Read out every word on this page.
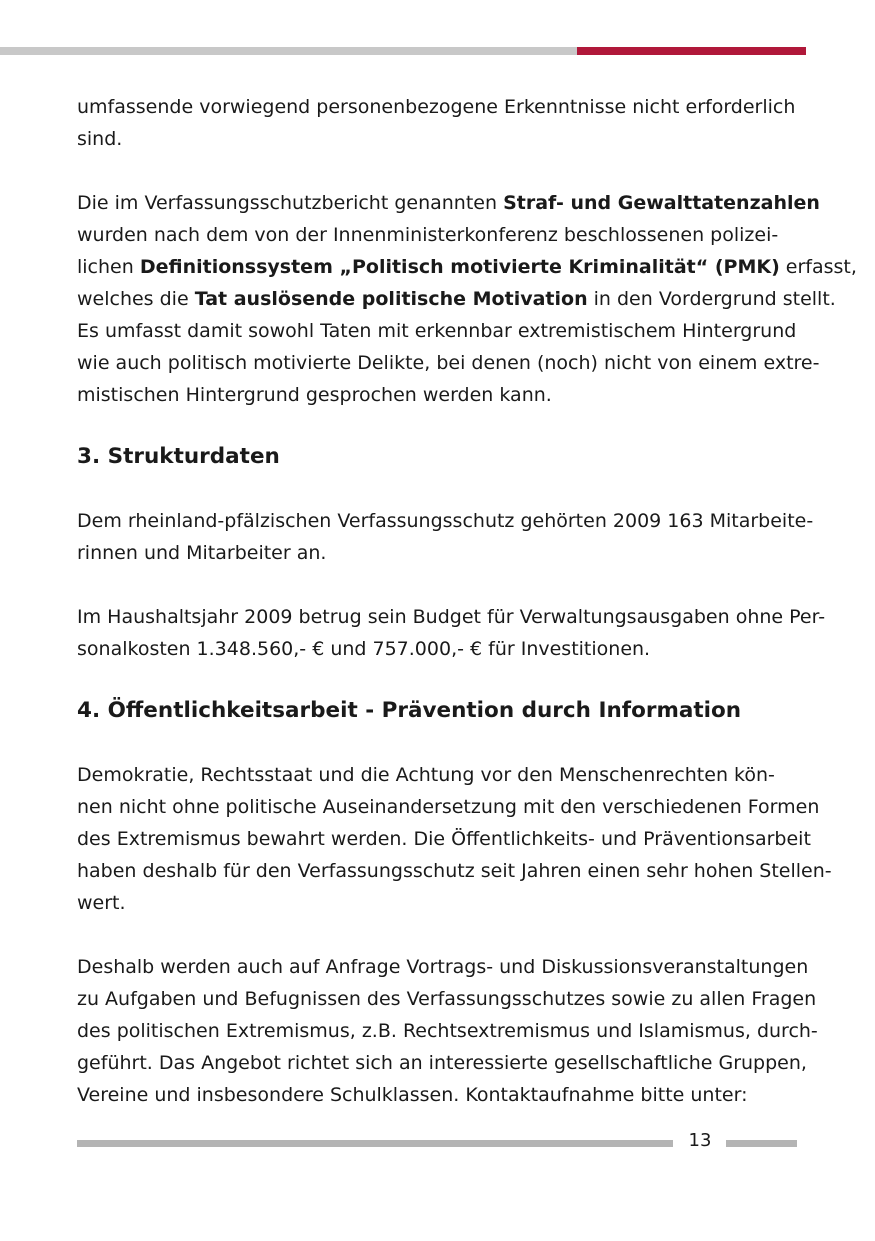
umfassende vorwiegend personenbezogene Erkenntnisse nicht erforderlich
sind.

Die im Verfassungsschutzbericht genannten Straf- und Gewalttatenzahlen
wurden nach dem von der Innenministerkonferenz beschlossenen polizei-
lichen Definitionssystem „Politisch motivierte Kriminalität“ (PMK) erfasst,
welches die Tat auslösende politische Motivation in den Vordergrund stellt.
Es umfasst damit sowohl Taten mit erkennbar extremistischem Hintergrund
wie auch politisch motivierte Delikte, bei denen (noch) nicht von einem extre-
mistischen Hintergrund gesprochen werden kann.

3. Strukturdaten

Dem rheinland-pfälzischen Verfassungsschutz gehörten 2009 163 Mitarbeite-
rinnen und Mitarbeiter an.

Im Haushaltsjahr 2009 betrug sein Budget für Verwaltungsausgaben ohne Per-
sonalkosten 1.348.560,- € und 757.000,- € für Investitionen.

4. Öffentlichkeitsarbeit - Prävention durch Information

Demokratie, Rechtsstaat und die Achtung vor den Menschenrechten kön-
nen nicht ohne politische Auseinandersetzung mit den verschiedenen Formen
des Extremismus bewahrt werden. Die Öffentlichkeits- und Präventionsarbeit
haben deshalb für den Verfassungsschutz seit Jahren einen sehr hohen Stellen-
wert.

Deshalb werden auch auf Anfrage Vortrags- und Diskussionsveranstaltungen
zu Aufgaben und Befugnissen des Verfassungsschutzes sowie zu allen Fragen
des politischen Extremismus, z.B. Rechtsextremismus und Islamismus, durch-
geführt. Das Angebot richtet sich an interessierte gesellschaftliche Gruppen,
Vereine und insbesondere Schulklassen. Kontaktaufnahme bitte unter:

13
